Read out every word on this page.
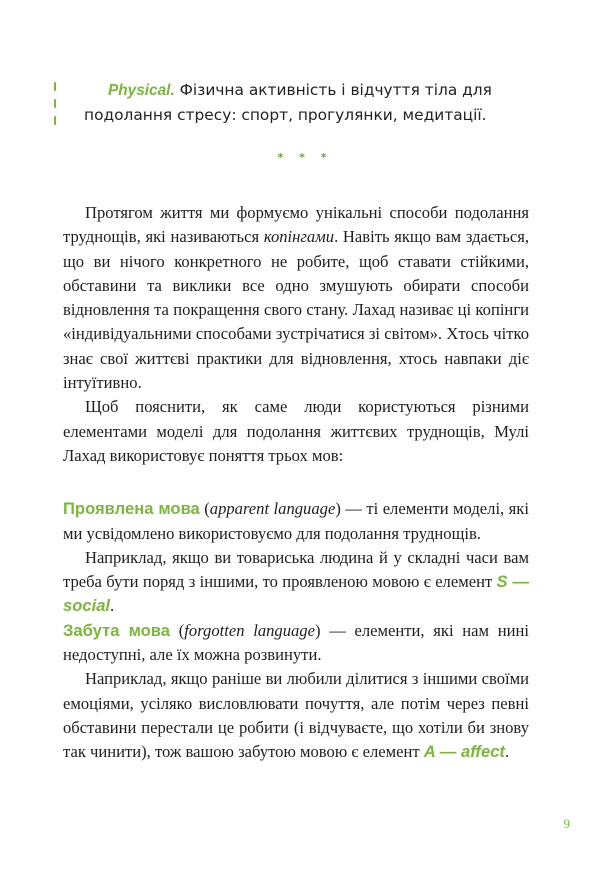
Physical. Фізична активність і відчуття тіла для подолання стресу: спорт, прогулянки, медитації.

* * *

Протягом життя ми формуємо унікальні способи подолання труднощів, які називаються копінгами. Навіть якщо вам здається, що ви нічого конкретного не робите, щоб ставати стійкими, обставини та виклики все одно змушують обирати способи відновлення та покращення свого стану. Лахад називає ці копінги «індивідуальними способами зустрічатися зі світом». Хтось чітко знає свої життєві практики для відновлення, хтось навпаки діє інтуїтивно.

Щоб пояснити, як саме люди користуються різними елементами моделі для подолання життєвих труднощів, Мулі Лахад використовує поняття трьох мов:

Проявлена мова (apparent language) — ті елементи моделі, які ми усвідомлено використовуємо для подолання труднощів.

Наприклад, якщо ви товариська людина й у складні часи вам треба бути поряд з іншими, то проявленою мовою є елемент S — social.

Забута мова (forgotten language) — елементи, які нам нині недоступні, але їх можна розвинути.

Наприклад, якщо раніше ви любили ділитися з іншими своїми емоціями, усіляко висловлювати почуття, але потім через певні обставини перестали це робити (і відчуваєте, що хотіли би знову так чинити), тож вашою забутою мовою є елемент A — affect.

9
